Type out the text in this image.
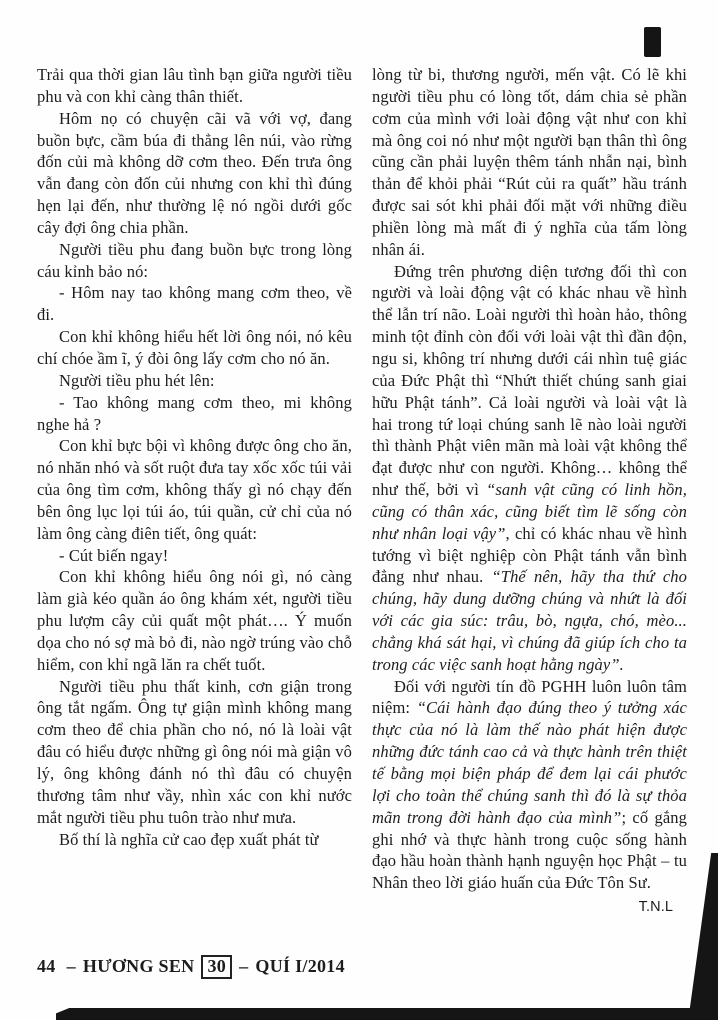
Trải qua thời gian lâu tình bạn giữa người tiều phu và con khỉ càng thân thiết.

Hôm nọ có chuyện cãi vã với vợ, đang buồn bực, cầm búa đi thẳng lên núi, vào rừng đốn củi mà không dỡ cơm theo. Đến trưa ông vẫn đang còn đốn củi nhưng con khỉ thì đúng hẹn lại đến, như thường lệ nó ngồi dưới gốc cây đợi ông chia phần.

Người tiều phu đang buồn bực trong lòng cáu kỉnh bảo nó:

- Hôm nay tao không mang cơm theo, về đi.

Con khỉ không hiểu hết lời ông nói, nó kêu chí chóe ầm ĩ, ý đòi ông lấy cơm cho nó ăn.

Người tiều phu hét lên:

- Tao không mang cơm theo, mi không nghe hả ?

Con khỉ bực bội vì không được ông cho ăn, nó nhăn nhó và sốt ruột đưa tay xốc xốc túi vải của ông tìm cơm, không thấy gì nó chạy đến bên ông lục lọi túi áo, túi quần, cử chỉ của nó làm ông càng điên tiết, ông quát:

- Cút biến ngay!

Con khỉ không hiểu ông nói gì, nó càng làm già kéo quần áo ông khám xét, người tiều phu lượm cây củi quất một phát…. Ý muốn dọa cho nó sợ mà bỏ đi, nào ngờ trúng vào chỗ hiểm, con khỉ ngã lăn ra chết tuốt.

Người tiều phu thất kinh, cơn giận trong ông tắt ngấm. Ông tự giận mình không mang cơm theo để chia phần cho nó, nó là loài vật đâu có hiểu được những gì ông nói mà giận vô lý, ông không đánh nó thì đâu có chuyện thương tâm như vầy, nhìn xác con khỉ nước mắt người tiều phu tuôn trào như mưa.

Bố thí là nghĩa cử cao đẹp xuất phát từ

lòng từ bi, thương người, mến vật. Có lẽ khi người tiều phu có lòng tốt, dám chia sẻ phần cơm của mình với loài động vật như con khỉ mà ông coi nó như một người bạn thân thì ông cũng cần phải luyện thêm tánh nhẫn nại, bình thản để khỏi phải “Rút củi ra quất” hầu tránh được sai sót khi phải đối mặt với những điều phiền lòng mà mất đi ý nghĩa của tấm lòng nhân ái.

Đứng trên phương diện tương đối thì con người và loài động vật có khác nhau về hình thể lẫn trí não. Loài người thì hoàn hảo, thông minh tột đỉnh còn đối với loài vật thì đần độn, ngu si, không trí nhưng dưới cái nhìn tuệ giác của Đức Phật thì “Nhứt thiết chúng sanh giai hữu Phật tánh”. Cả loài người và loài vật là hai trong tứ loại chúng sanh lẽ nào loài người thì thành Phật viên mãn mà loài vật không thể đạt được như con người. Không… không thể như thế, bởi vì “sanh vật cũng có linh hồn, cũng có thân xác, cũng biết tìm lẽ sống còn như nhân loại vậy”, chỉ có khác nhau về hình tướng vì biệt nghiệp còn Phật tánh vẫn bình đẳng như nhau. “Thế nên, hãy tha thứ cho chúng, hãy dung dưỡng chúng và nhứt là đối với các gia súc: trâu, bò, ngựa, chó, mèo... chẳng khá sát hại, vì chúng đã giúp ích cho ta trong các việc sanh hoạt hằng ngày”.

Đối với người tín đồ PGHH luôn luôn tâm niệm: “Cái hành đạo đúng theo ý tưởng xác thực của nó là làm thế nào phát hiện được những đức tánh cao cả và thực hành trên thiệt tế bằng mọi biện pháp để đem lại cái phước lợi cho toàn thể chúng sanh thì đó là sự thỏa mãn trong đời hành đạo của mình”; cố gắng ghi nhớ và thực hành trong cuộc sống hành đạo hầu hoàn thành hạnh nguyện học Phật – tu Nhân theo lời giáo huấn của Đức Tôn Sư.

T.N.L

44 – HƯƠNG SEN 30 – QUÍ I/2014
